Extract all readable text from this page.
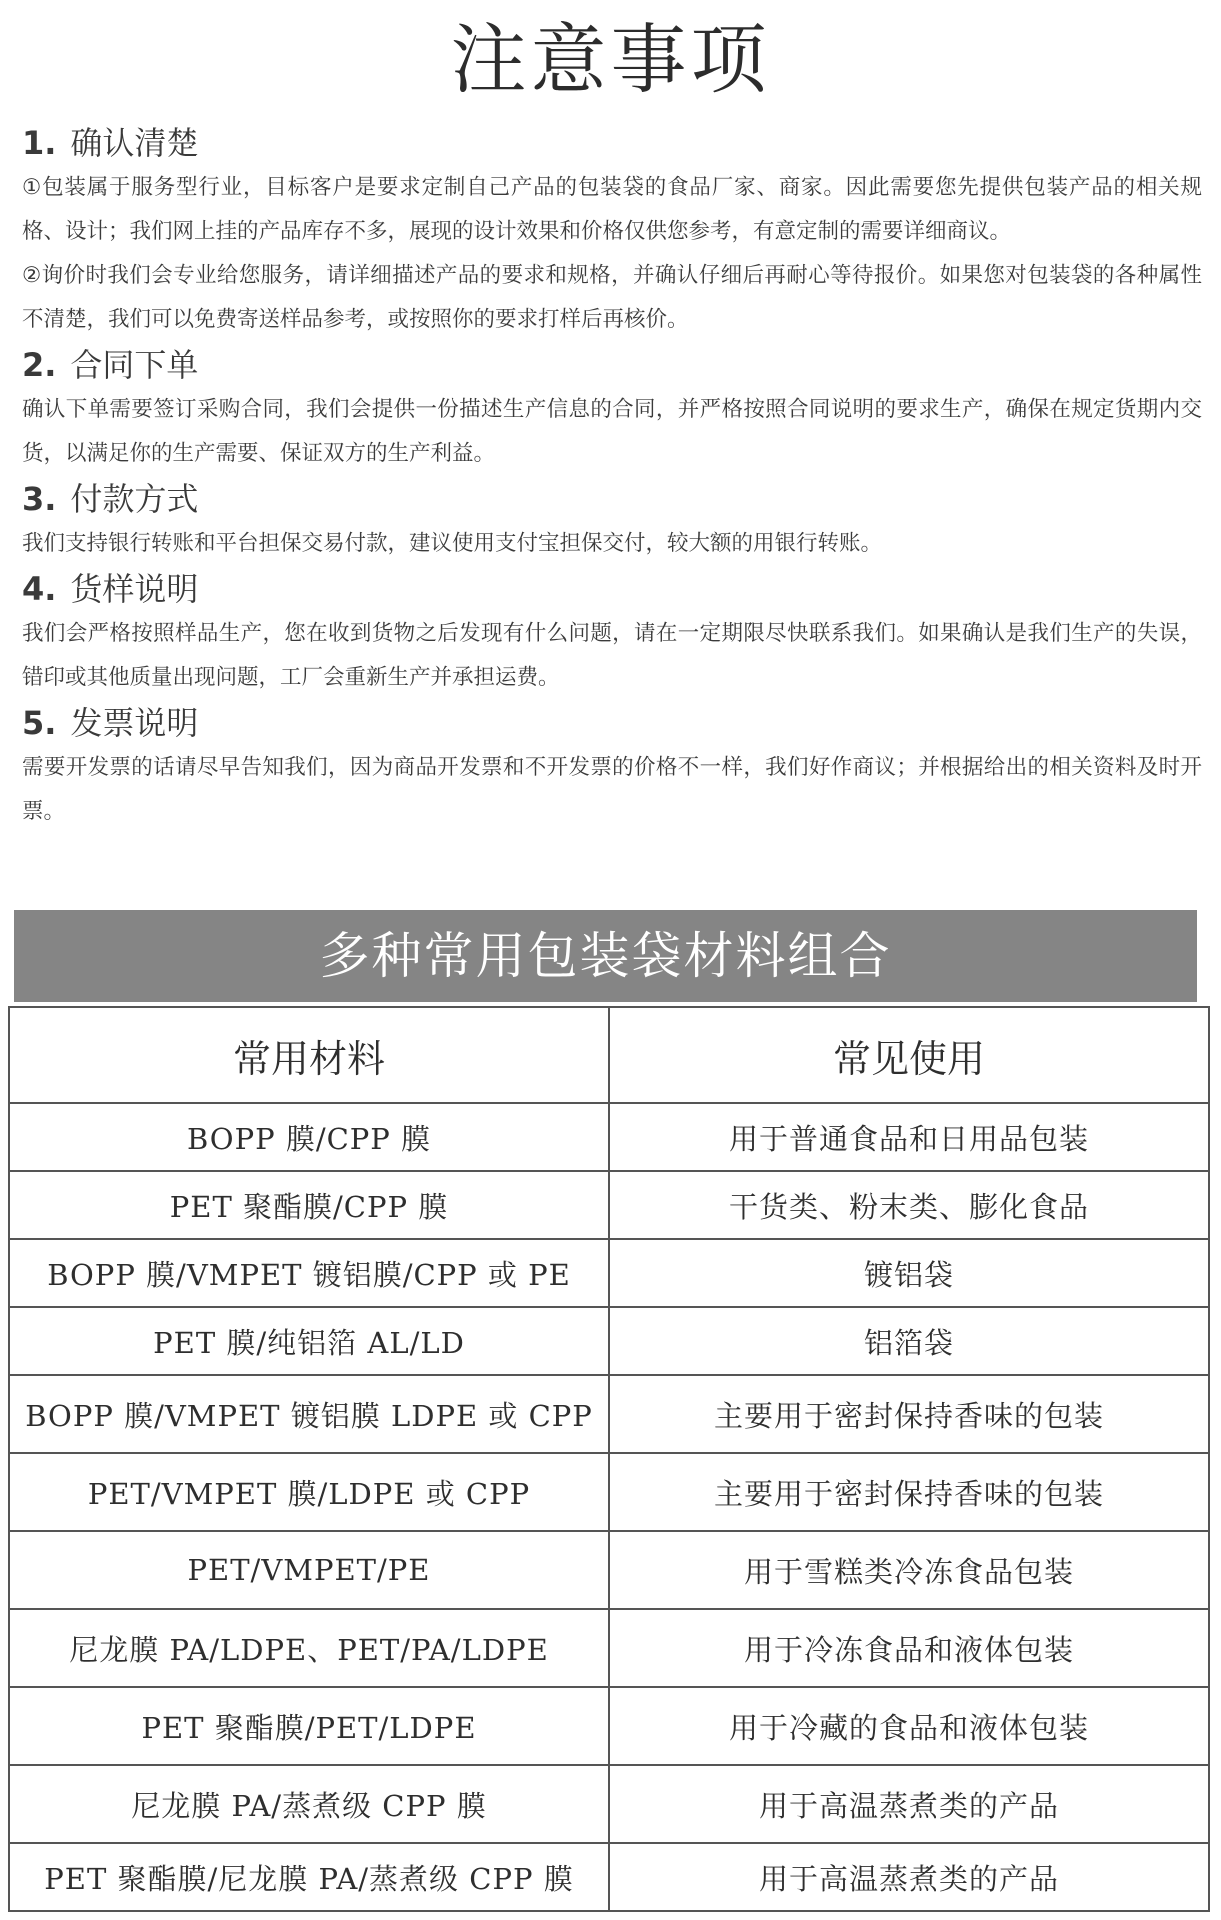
注意事项
1. 确认清楚

①包装属于服务型行业，目标客户是要求定制自己产品的包装袋的食品厂家、商家。因此需要您先提供包装产品的相关规格、设计；我们网上挂的产品库存不多，展现的设计效果和价格仅供您参考，有意定制的需要详细商议。

②询价时我们会专业给您服务，请详细描述产品的要求和规格，并确认仔细后再耐心等待报价。如果您对包装袋的各种属性不清楚，我们可以免费寄送样品参考，或按照你的要求打样后再核价。

2. 合同下单

确认下单需要签订采购合同，我们会提供一份描述生产信息的合同，并严格按照合同说明的要求生产，确保在规定货期内交货，以满足你的生产需要、保证双方的生产利益。

3. 付款方式

我们支持银行转账和平台担保交易付款，建议使用支付宝担保交付，较大额的用银行转账。

4. 货样说明

我们会严格按照样品生产，您在收到货物之后发现有什么问题，请在一定期限尽快联系我们。如果确认是我们生产的失误，错印或其他质量出现问题，工厂会重新生产并承担运费。

5. 发票说明

需要开发票的话请尽早告知我们，因为商品开发票和不开发票的价格不一样，我们好作商议；并根据给出的相关资料及时开票。

多种常用包装袋材料组合
常用材料	常见使用
BOPP 膜/CPP 膜	用于普通食品和日用品包装
PET 聚酯膜/CPP 膜	干货类、粉末类、膨化食品
BOPP 膜/VMPET 镀铝膜/CPP 或 PE	镀铝袋
PET 膜/纯铝箔 AL/LD	铝箔袋
BOPP 膜/VMPET 镀铝膜 LDPE 或 CPP	主要用于密封保持香味的包装
PET/VMPET 膜/LDPE 或 CPP	主要用于密封保持香味的包装
PET/VMPET/PE	用于雪糕类冷冻食品包装
尼龙膜 PA/LDPE、PET/PA/LDPE	用于冷冻食品和液体包装
PET 聚酯膜/PET/LDPE	用于冷藏的食品和液体包装
尼龙膜 PA/蒸煮级 CPP 膜	用于高温蒸煮类的产品
PET 聚酯膜/尼龙膜 PA/蒸煮级 CPP 膜	用于高温蒸煮类的产品
